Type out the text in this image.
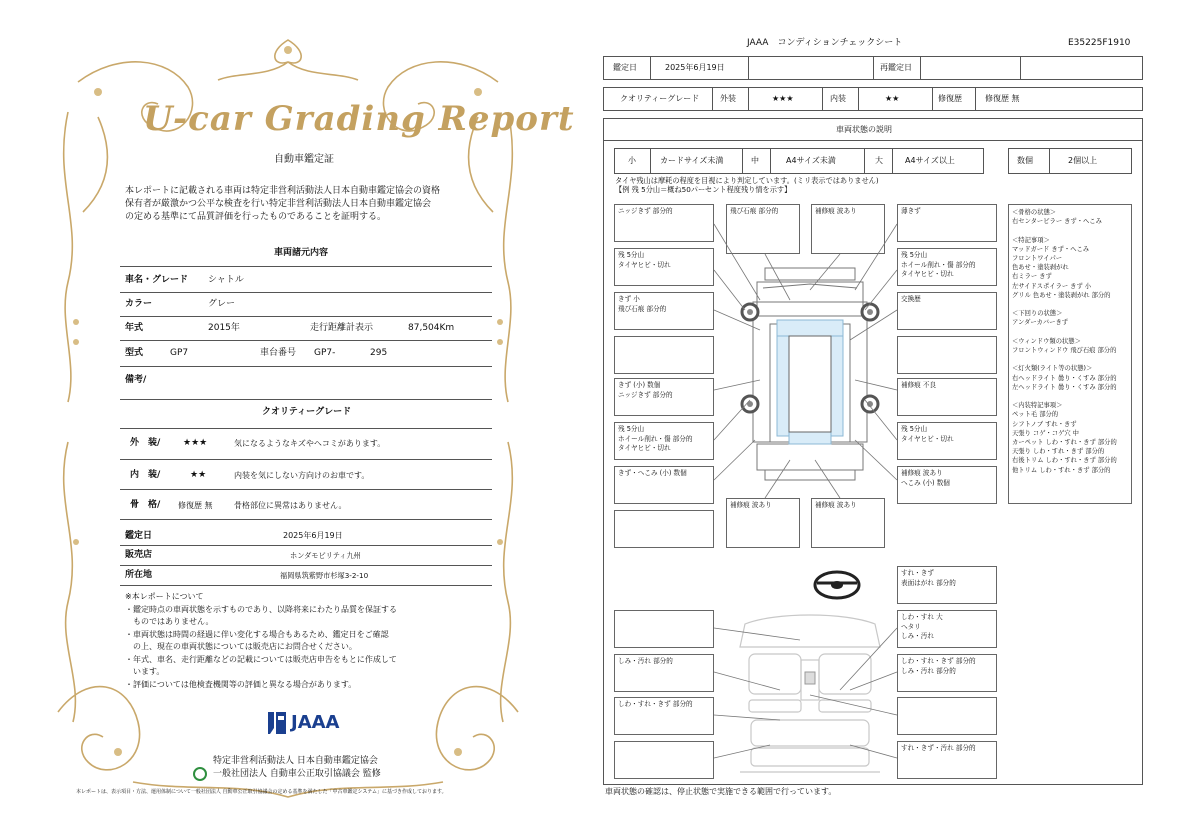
U-car Grading Report
自動車鑑定証
本レポートに記載される車両は特定非営利活動法人日本自動車鑑定協会の資格
保有者が厳激かつ公平な検査を行い特定非営利活動法人日本自動車鑑定協会
の定める基準にて品質評価を行ったものであることを証明する。
車両諸元内容
車名・グレード シャトル
カラー	グレー
年式	2015年	走行距離計表示	87,504Km
型式	GP7	車台番号 GP7-	295
備考/
クオリティーグレード
外　装/	★★★	気になるようなキズやヘコミがあります。
内　装/	★★	内装を気にしない方向けのお車です。
骨　格/ 修復歴 無	骨格部位に異常はありません。
鑑定日	2025年6月19日
販売店	ホンダモビリティ九州
所在地	福岡県筑紫野市杉塚3-2-10
※本レポートについて
・鑑定時点の車両状態を示すものであり、以降将来にわたり品質を保証する
　ものではありません。
・車両状態は時間の経過に伴い変化する場合もあるため、鑑定日をご確認
　の上、現在の車両状態については販売店にお問合せください。
・年式、車名、走行距離などの記載については販売店申告をもとに作成して
　います。
・評価については他検査機関等の評価と異なる場合があります。
JAAA
特定非営利活動法人 日本自動車鑑定協会
一般社団法人 自動車公正取引協議会 監修
本レポートは、表示項目・方法、運用体制について一般社団法人 自動車公正取引協議会の定める基準を満たした「中古車鑑定システム」に基づき作成しております。
JAAA　コンディションチェックシート	E35225F1910
鑑定日	2025年6月19日	再鑑定日
クオリティーグレード	外装	★★★	内装	★★	修復歴	修復歴 無
車両状態の説明
小	カードサイズ未満	中	A4サイズ未満	大	A4サイズ以上	数個	2個以上
タイヤ残山は摩耗の程度を目視により判定しています。(ミリ表示ではありません)
【例 残 5分山＝概ね50パーセント程度残り情を示す】
ニッジきず 部分的
残 5分山
タイヤヒビ・切れ
きず 小
飛び石痕 部分的
きず (小) 数個
ニッジきず 部分的
残 5分山
ホイール削れ・傷 部分的
タイヤヒビ・切れ
きず・へこみ (小) 数個
飛び石痕 部分的	補修痕 波あり	薄きず
残 5分山
ホイール削れ・傷 部分的
タイヤヒビ・切れ
交換歴
補修痕 不良
残 5分山
タイヤヒビ・切れ
補修痕 波あり
へこみ (小) 数個
補修痕 波あり	補修痕 波あり
＜骨格の状態＞
右センターピラー きず・へこみ

＜特記事項＞
マッドガード きず・へこみ
フロントワイパー
色あせ・塗装剥がれ
右ミラー きず
左サイドスポイラー きず 小
グリル 色あせ・塗装剥がれ 部分的

＜下回りの状態＞
アンダーカバーきず

＜ウィンドウ類の状態＞
フロントウィンドウ 飛び石痕 部分的

＜灯火類(ライト等の状態)＞
右ヘッドライト 曇り・くすみ 部分的
左ヘッドライト 曇り・くすみ 部分的

＜内装特記事項＞
ペット毛 部分的
シフトノブ すれ・きず
天張り コゲ・コゲ穴 中
カーペット しわ・すれ・きず 部分的
天張り しわ・すれ・きず 部分的
右後トリム しわ・すれ・きず 部分的
他トリム しわ・すれ・きず 部分的
すれ・きず
表面はがれ 部分的
しわ・すれ 大
へタリ
しみ・汚れ
しみ・汚れ 部分的	しわ・すれ・きず 部分的
しみ・汚れ 部分的
しわ・すれ・きず 部分的
すれ・きず・汚れ 部分的
車両状態の確認は、停止状態で実施できる範囲で行っています。
